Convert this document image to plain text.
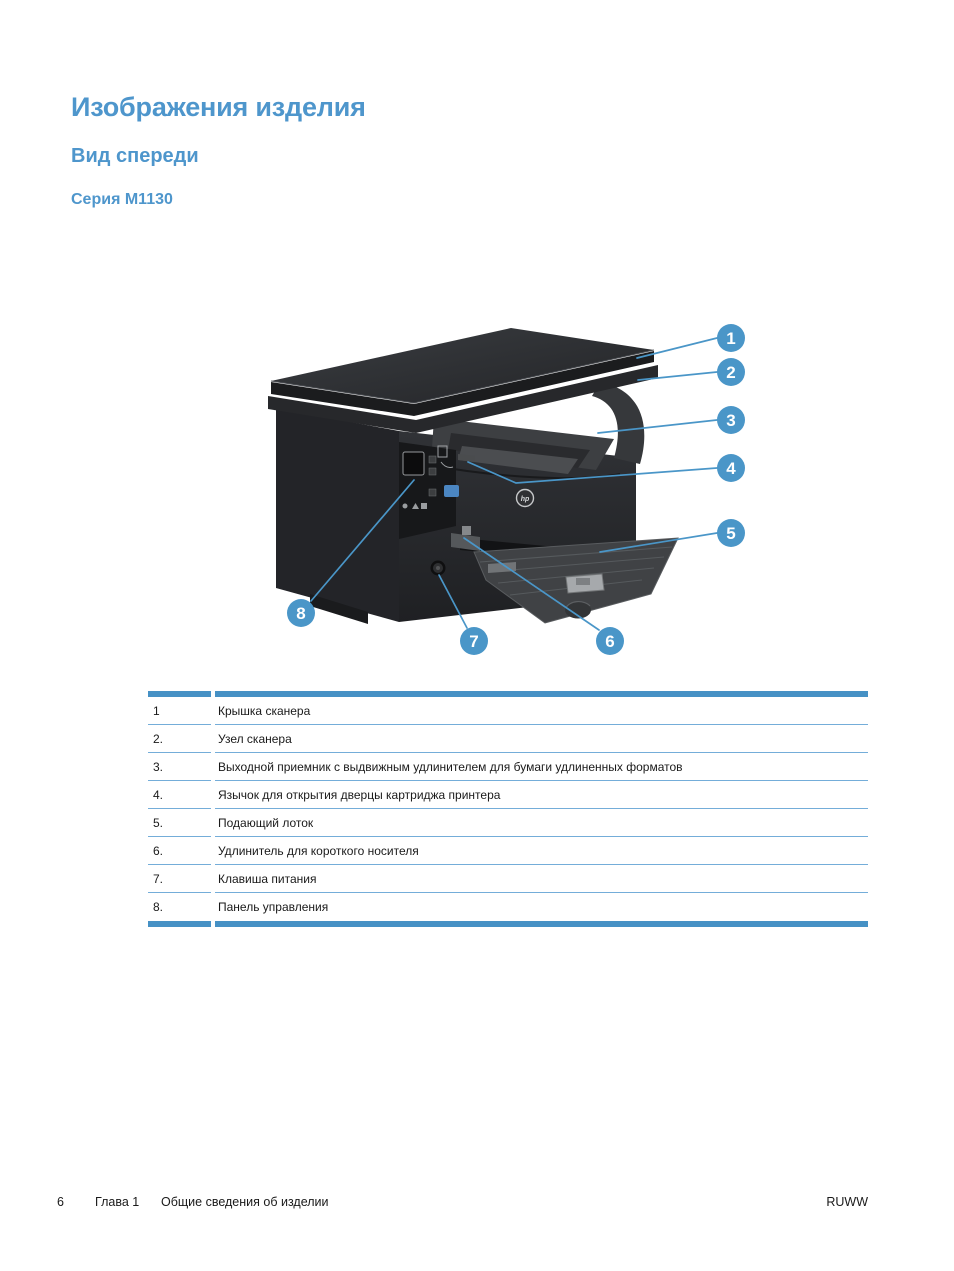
Изображения изделия
Вид спереди
Серия M1130
hp
1
2
3
4
5
6
7
8
1	Крышка сканера
2.	Узел сканера
3.	Выходной приемник с выдвижным удлинителем для бумаги удлиненных форматов
4.	Язычок для открытия дверцы картриджа принтера
5.	Подающий лоток
6.	Удлинитель для короткого носителя
7.	Клавиша питания
8.	Панель управления
6 Глава 1 Общие сведения об изделии	RUWW
